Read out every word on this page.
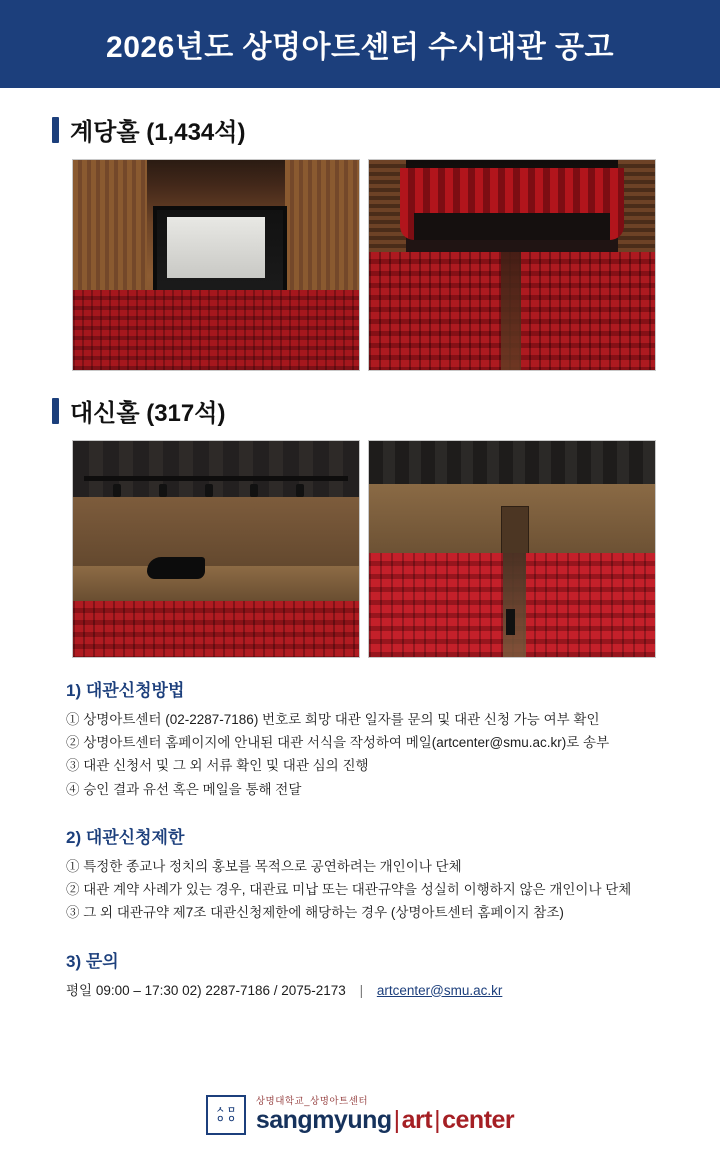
2026년도 상명아트센터 수시대관 공고
계당홀 (1,434석)
대신홀 (317석)
1) 대관신청방법

① 상명아트센터 (02-2287-7186) 번호로 희망 대관 일자를 문의 및 대관 신청 가능 여부 확인

② 상명아트센터 홈페이지에 안내된 대관 서식을 작성하여 메일(artcenter@smu.ac.kr)로 송부

③ 대관 신청서 및 그 외 서류 확인 및 대관 심의 진행

④ 승인 결과 유선 혹은 메일을 통해 전달

2) 대관신청제한

① 특정한 종교나 정치의 홍보를 목적으로 공연하려는 개인이나 단체

② 대관 계약 사례가 있는 경우, 대관료 미납 또는 대관규약을 성실히 이행하지 않은 개인이나 단체

③ 그 외 대관규약 제7조 대관신청제한에 해당하는 경우 (상명아트센터 홈페이지 참조)

3) 문의
평일 09:00 – 17:30 02) 2287-7186 / 2075-2173 | artcenter@smu.ac.kr
ㅅ ㅁ
ㅇ ㅇ
상명대학교_상명아트센터
sangmyung | art | center
